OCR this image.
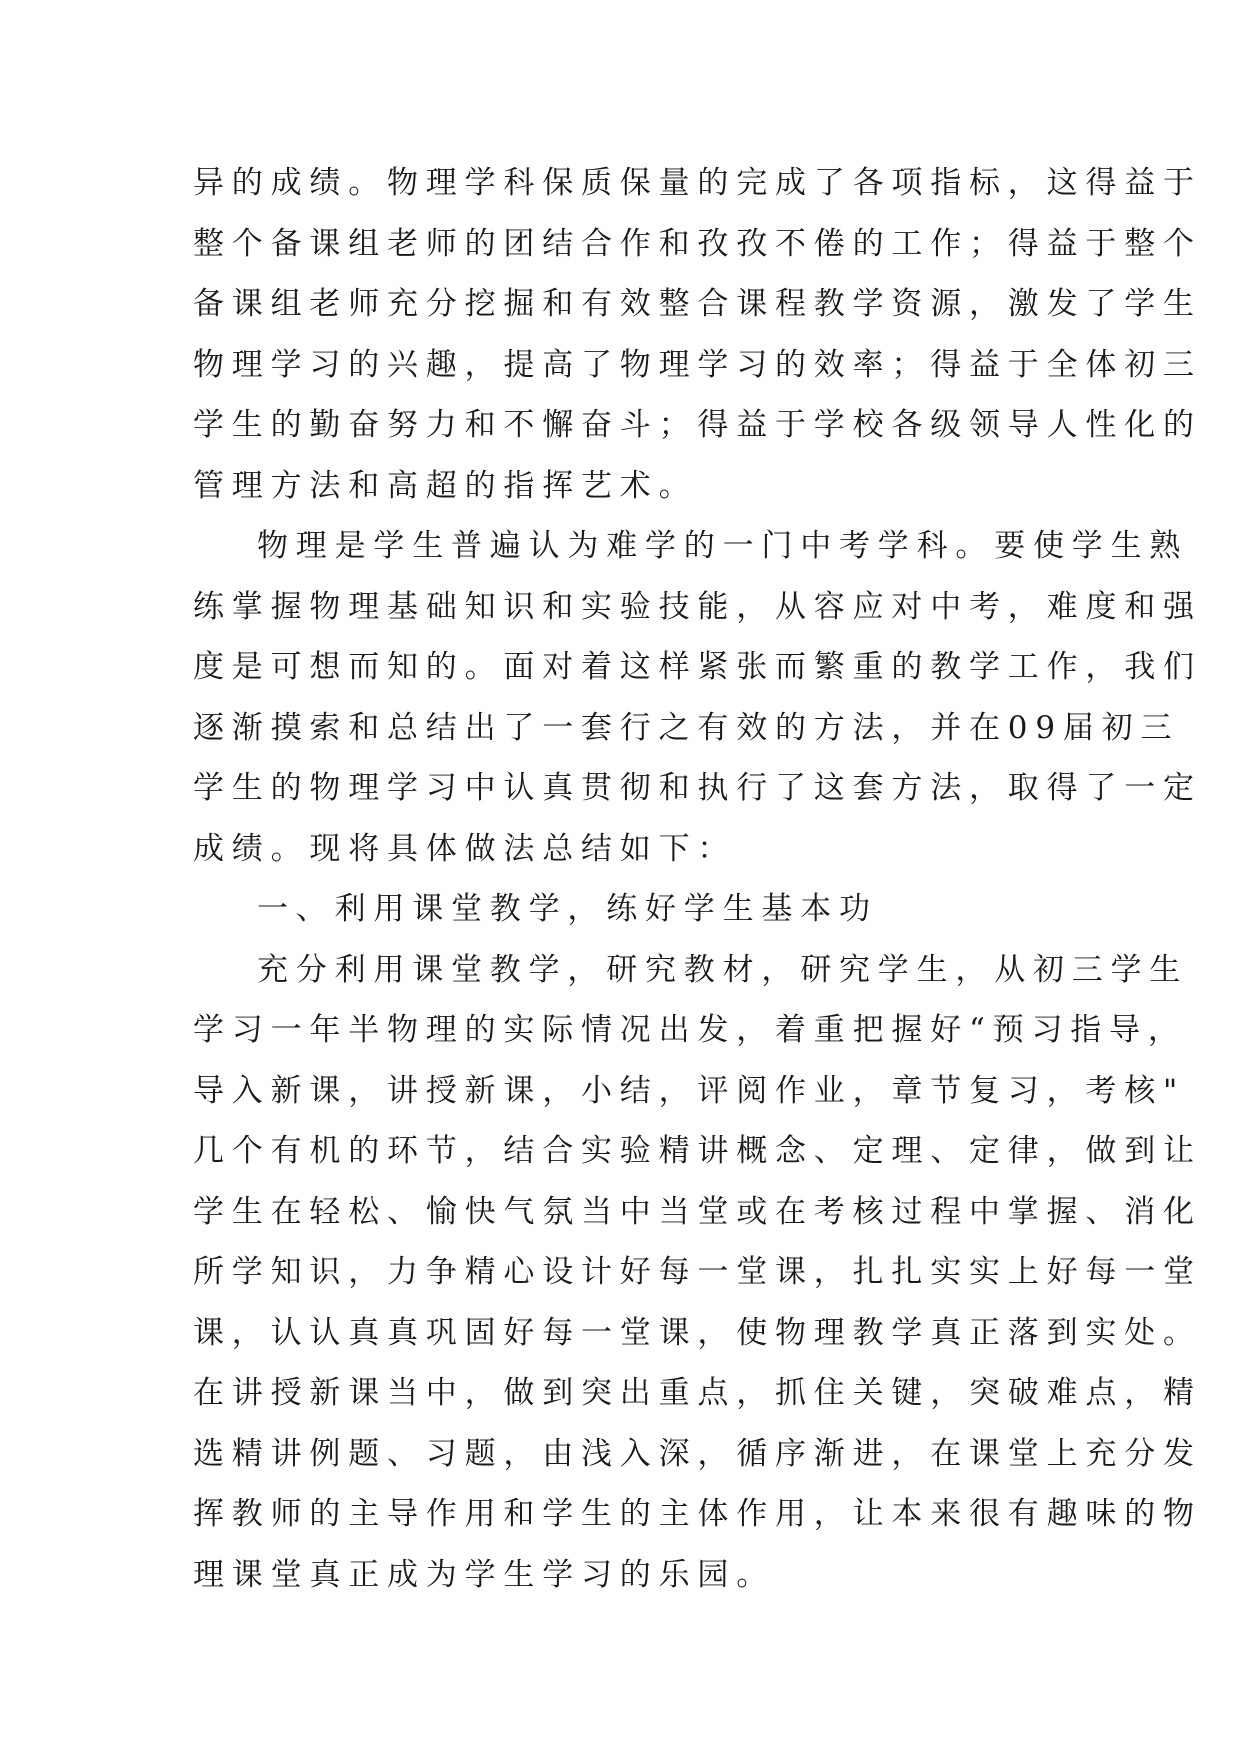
异的成绩。物理学科保质保量的完成了各项指标，这得益于
整个备课组老师的团结合作和孜孜不倦的工作；得益于整个
备课组老师充分挖掘和有效整合课程教学资源，激发了学生
物理学习的兴趣，提高了物理学习的效率；得益于全体初三
学生的勤奋努力和不懈奋斗；得益于学校各级领导人性化的
管理方法和高超的指挥艺术。
物理是学生普遍认为难学的一门中考学科。要使学生熟
练掌握物理基础知识和实验技能，从容应对中考，难度和强
度是可想而知的。面对着这样紧张而繁重的教学工作，我们
逐渐摸索和总结出了一套行之有效的方法，并在09届初三
学生的物理学习中认真贯彻和执行了这套方法，取得了一定
成绩。现将具体做法总结如下：
一、利用课堂教学，练好学生基本功
充分利用课堂教学，研究教材，研究学生，从初三学生
学习一年半物理的实际情况出发，着重把握好“预习指导，
导入新课，讲授新课，小结，评阅作业，章节复习，考核"
几个有机的环节，结合实验精讲概念、定理、定律，做到让
学生在轻松、愉快气氛当中当堂或在考核过程中掌握、消化
所学知识，力争精心设计好每一堂课，扎扎实实上好每一堂
课，认认真真巩固好每一堂课，使物理教学真正落到实处。
在讲授新课当中，做到突出重点，抓住关键，突破难点，精
选精讲例题、习题，由浅入深，循序渐进，在课堂上充分发
挥教师的主导作用和学生的主体作用，让本来很有趣味的物
理课堂真正成为学生学习的乐园。
